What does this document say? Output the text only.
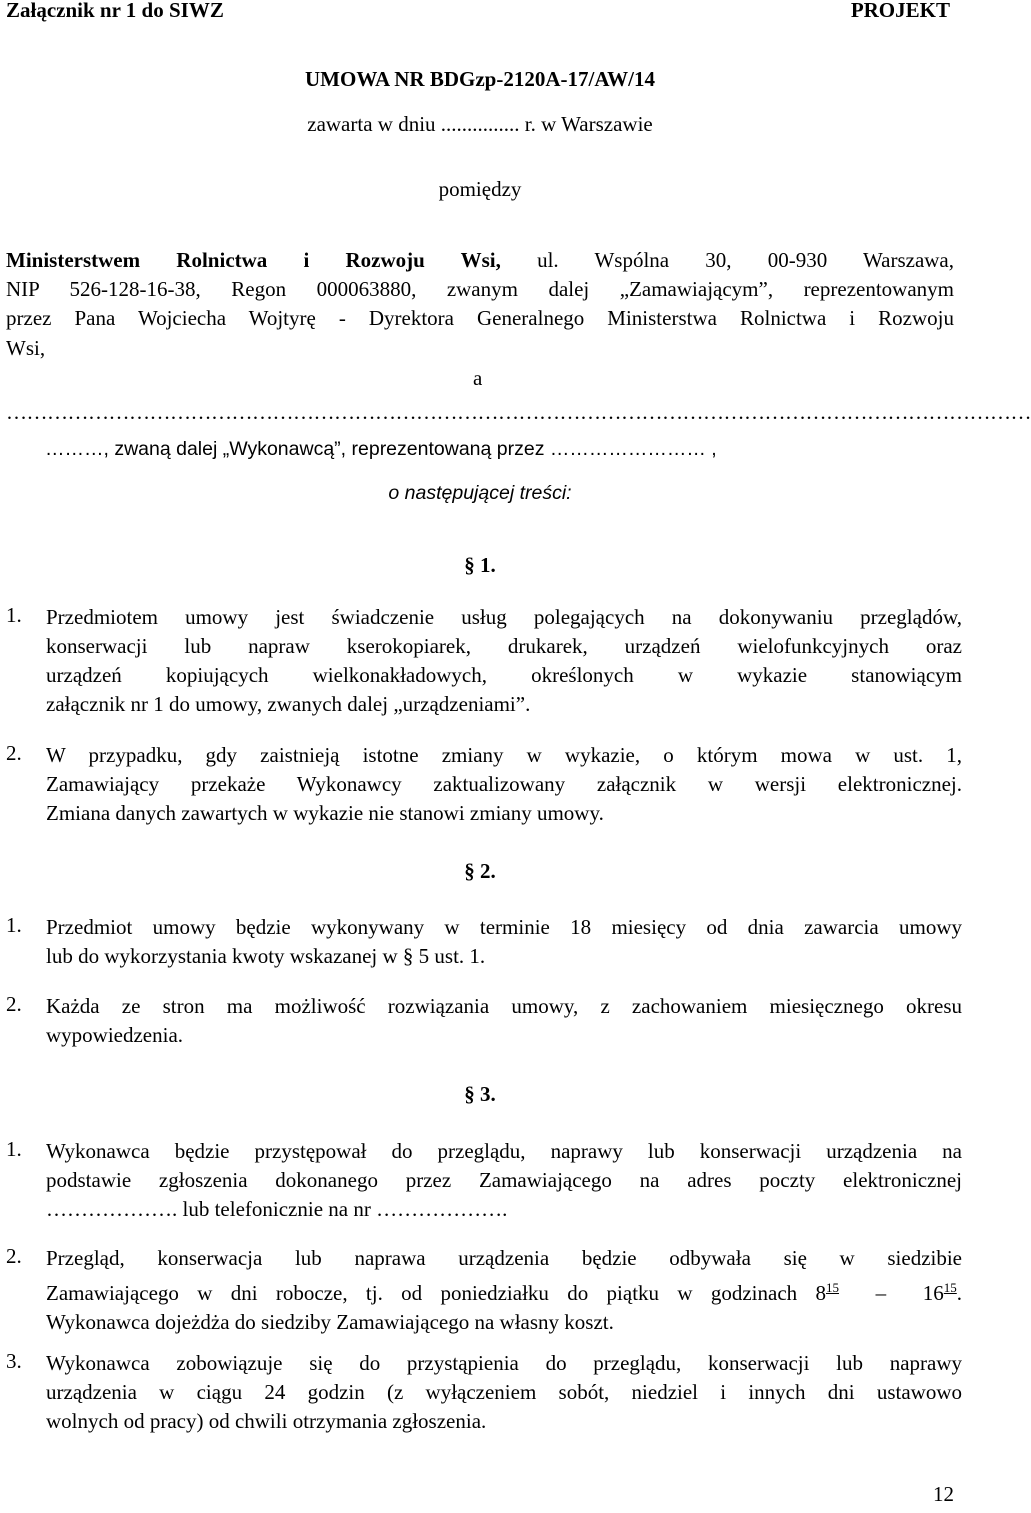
Załącznik nr 1 do SIWZ	PROJEKT
UMOWA NR BDGzp-2120A-17/AW/14
zawarta w dniu ............... r. w Warszawie
pomiędzy
Ministerstwem Rolnictwa i Rozwoju Wsi, ul. Wspólna 30, 00-930 Warszawa,
NIP 526-128-16-38, Regon 000063880, zwanym dalej „Zamawiającym”, reprezentowanym
przez Pana Wojciecha Wojtyrę - Dyrektora Generalnego Ministerstwa Rolnictwa i Rozwoju
Wsi,
a
……………………………………………………………………………………………………………………………………
………, zwaną dalej „Wykonawcą”, reprezentowaną przez …………………… ,
o następującej treści:
§ 1.
1. Przedmiotem umowy jest świadczenie usług polegających na dokonywaniu przeglądów,
konserwacji lub napraw kserokopiarek, drukarek, urządzeń wielofunkcyjnych oraz
urządzeń kopiujących wielkonakładowych, określonych w wykazie stanowiącym
załącznik nr 1 do umowy, zwanych dalej „urządzeniami”.
2. W przypadku, gdy zaistnieją istotne zmiany w wykazie, o którym mowa w ust. 1,
Zamawiający przekaże Wykonawcy zaktualizowany załącznik w wersji elektronicznej.
Zmiana danych zawartych w wykazie nie stanowi zmiany umowy.
§ 2.
1. Przedmiot umowy będzie wykonywany w terminie 18 miesięcy od dnia zawarcia umowy
lub do wykorzystania kwoty wskazanej w § 5 ust. 1.
2. Każda ze stron ma możliwość rozwiązania umowy, z zachowaniem miesięcznego okresu
wypowiedzenia.
§ 3.
1. Wykonawca będzie przystępował do przeglądu, naprawy lub konserwacji urządzenia na
podstawie zgłoszenia dokonanego przez Zamawiającego na adres poczty elektronicznej
………………. lub telefonicznie na nr ……………….
2. Przegląd, konserwacja lub naprawa urządzenia będzie odbywała się w siedzibie
Zamawiającego w dni robocze, tj. od poniedziałku do piątku w godzinach $8^{15} - 16^{15}$.
Wykonawca dojeżdża do siedziby Zamawiającego na własny koszt.
3. Wykonawca zobowiązuje się do przystąpienia do przeglądu, konserwacji lub naprawy
urządzenia w ciągu 24 godzin (z wyłączeniem sobót, niedziel i innych dni ustawowo
wolnych od pracy) od chwili otrzymania zgłoszenia.
12
